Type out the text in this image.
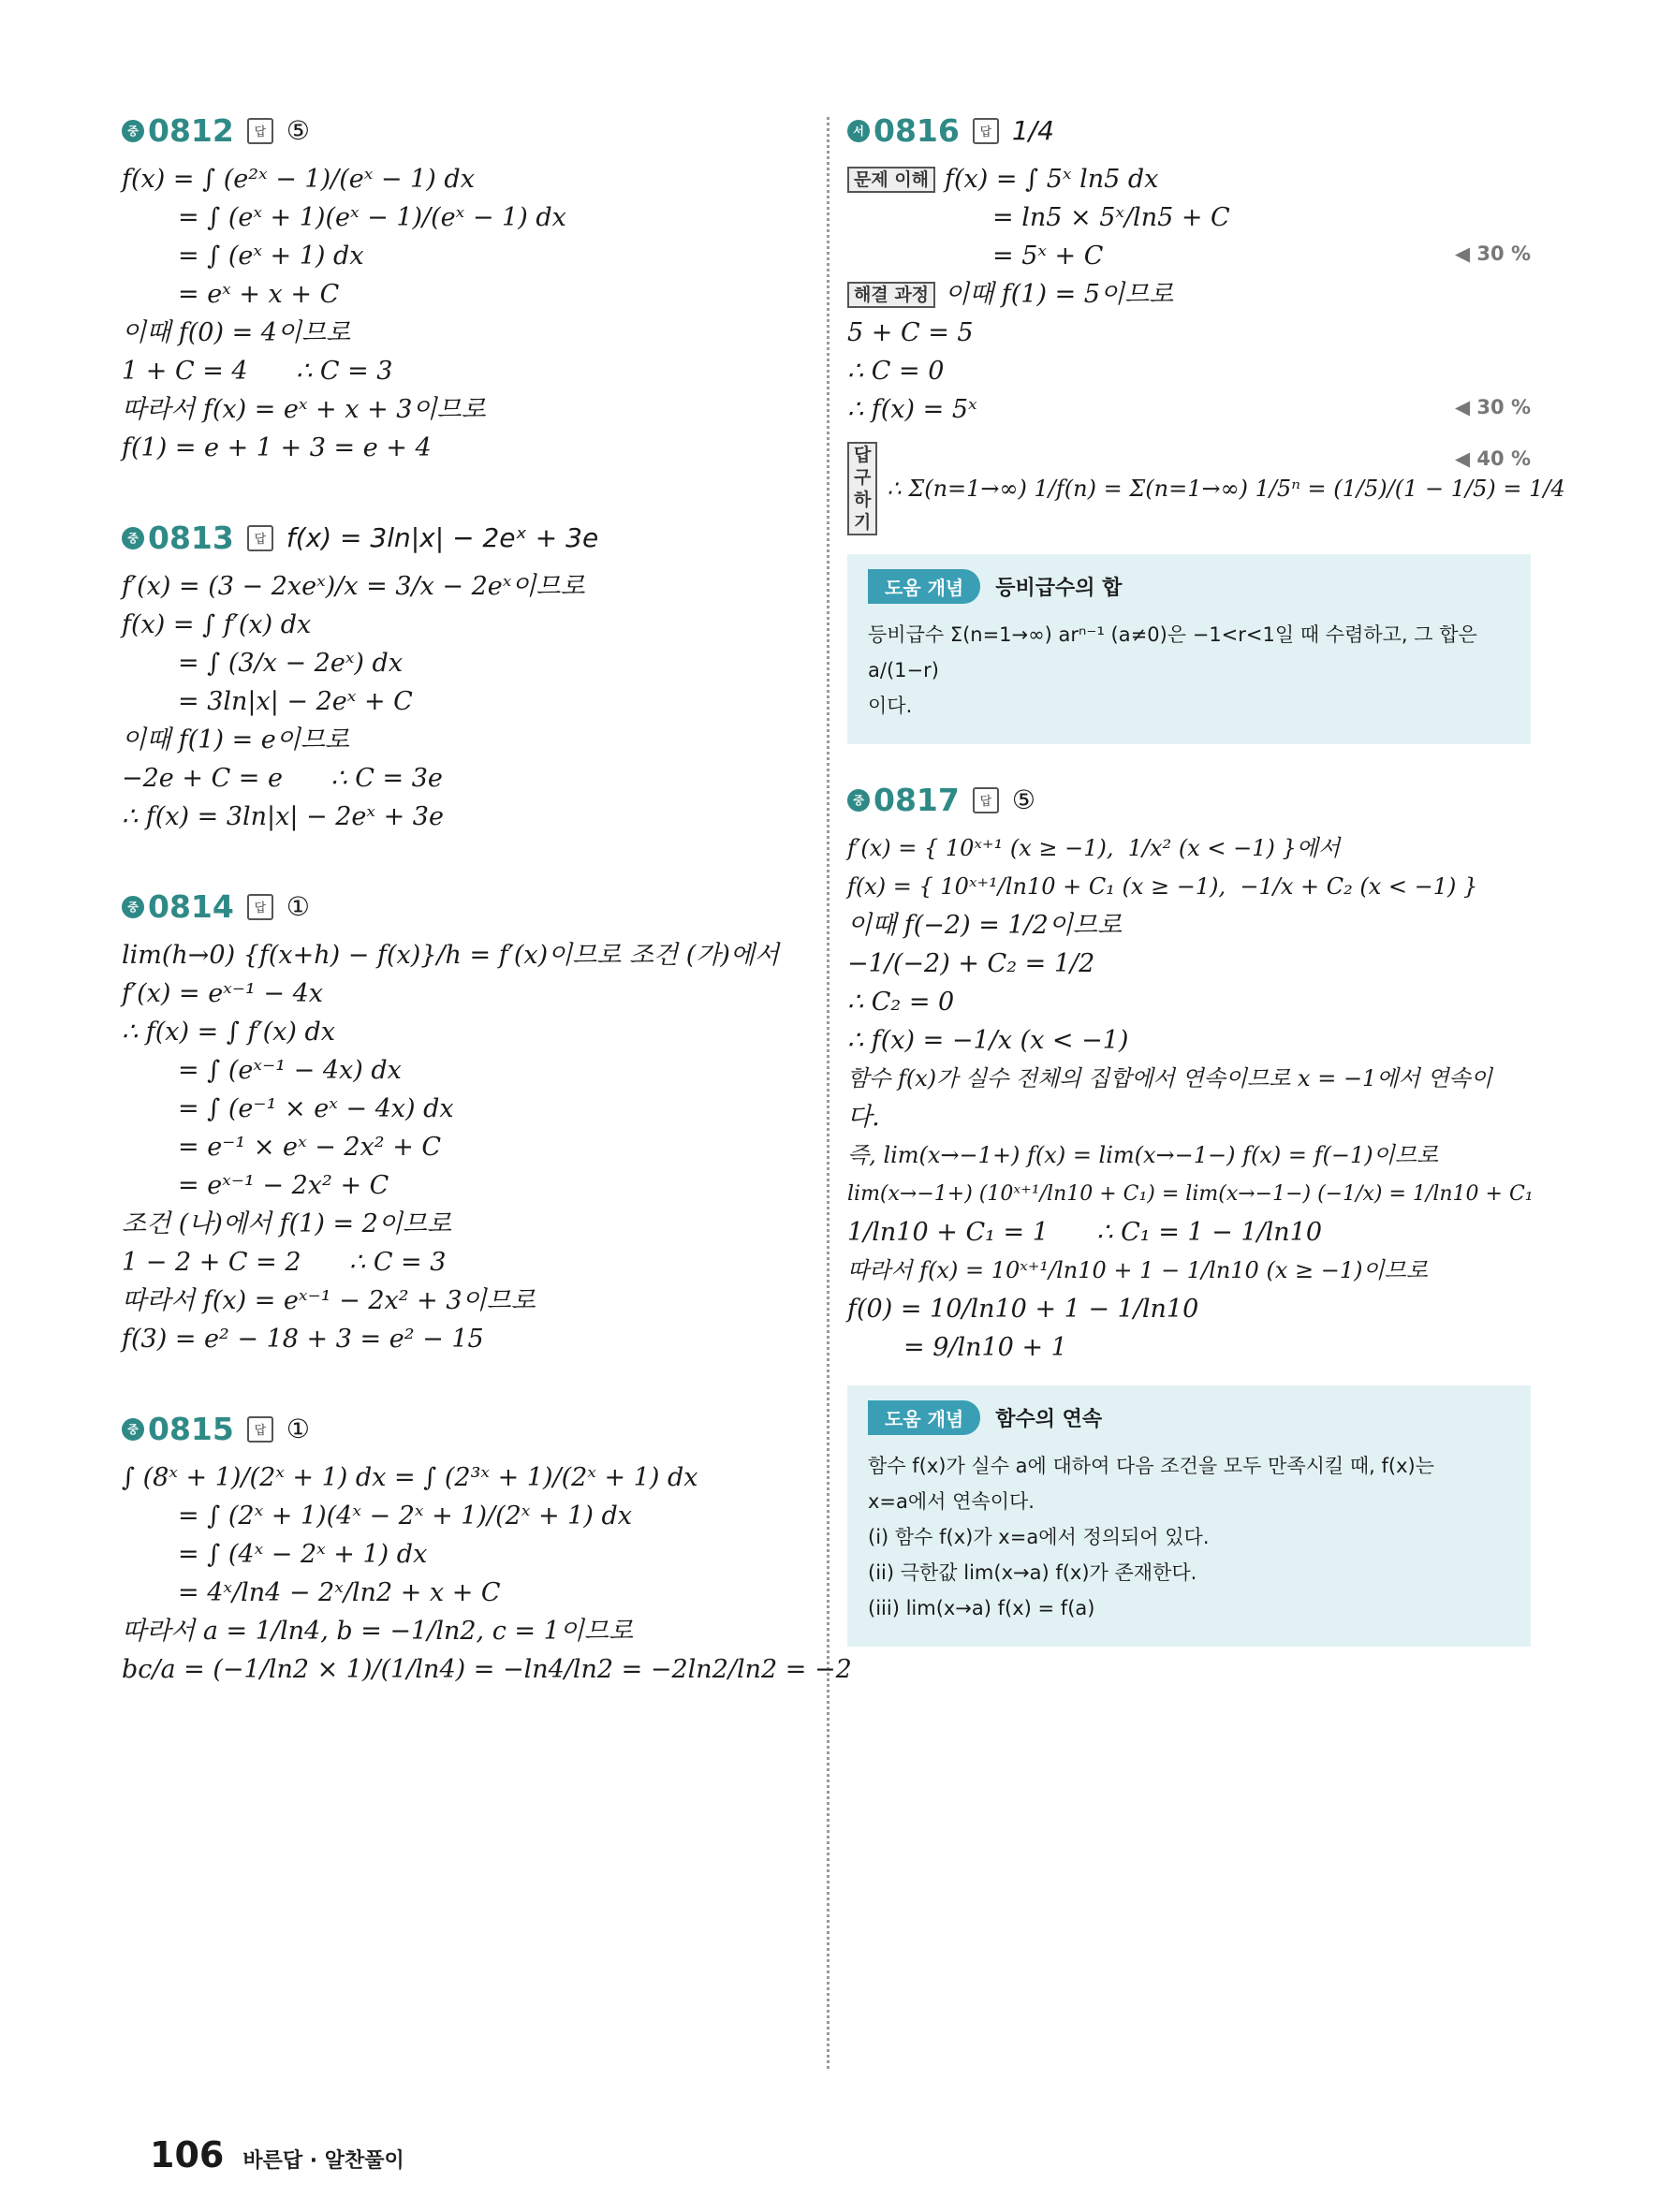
중 0812	답 ⑤
f(x) = ∫ (e²ˣ − 1)/(eˣ − 1) dx
= ∫ (eˣ + 1)(eˣ − 1)/(eˣ − 1) dx
= ∫ (eˣ + 1) dx
= eˣ + x + C
이때 f(0) = 4이므로
1 + C = 4      ∴ C = 3
따라서 f(x) = eˣ + x + 3이므로
f(1) = e + 1 + 3 = e + 4
중 0813	답 f(x) = 3ln|x| − 2eˣ + 3e
f′(x) = (3 − 2xeˣ)/x = 3/x − 2eˣ이므로
f(x) = ∫ f′(x) dx
= ∫ (3/x − 2eˣ) dx
= 3ln|x| − 2eˣ + C
이때 f(1) = e이므로
−2e + C = e      ∴ C = 3e
∴ f(x) = 3ln|x| − 2eˣ + 3e
중 0814	답 ①
lim(h→0) {f(x+h) − f(x)}/h = f′(x)이므로 조건 (가)에서
f′(x) = eˣ⁻¹ − 4x
∴ f(x) = ∫ f′(x) dx
= ∫ (eˣ⁻¹ − 4x) dx
= ∫ (e⁻¹ × eˣ − 4x) dx
= e⁻¹ × eˣ − 2x² + C
= eˣ⁻¹ − 2x² + C
조건 (나)에서 f(1) = 2이므로
1 − 2 + C = 2      ∴ C = 3
따라서 f(x) = eˣ⁻¹ − 2x² + 3이므로
f(3) = e² − 18 + 3 = e² − 15
중 0815	답 ①
∫ (8ˣ + 1)/(2ˣ + 1) dx = ∫ (2³ˣ + 1)/(2ˣ + 1) dx
= ∫ (2ˣ + 1)(4ˣ − 2ˣ + 1)/(2ˣ + 1) dx
= ∫ (4ˣ − 2ˣ + 1) dx
= 4ˣ/ln4 − 2ˣ/ln2 + x + C
따라서 a = 1/ln4, b = −1/ln2, c = 1이므로
bc/a = (−1/ln2 × 1)/(1/ln4) = −ln4/ln2 = −2ln2/ln2 = −2
서 0816	답 1/4
문제 이해 f(x) = ∫ 5ˣ ln5 dx
= ln5 × 5ˣ/ln5 + C
= 5ˣ + C	◀ 30 %
해결 과정 이때 f(1) = 5이므로
5 + C = 5
∴ C = 0
∴ f(x) = 5ˣ	◀ 30 %
답 구하기
∴ Σ(n=1→∞) 1/f(n) = Σ(n=1→∞) 1/5ⁿ = (1/5)/(1 − 1/5) = 1/4
◀ 40 %
도움 개념	등비급수의 합
등비급수 Σ(n=1→∞) arⁿ⁻¹ (a≠0)은 −1<r<1일 때 수렴하고, 그 합은 a/(1−r)
이다.
중 0817	답 ⑤
f′(x) = { 10ˣ⁺¹ (x ≥ −1),  1/x² (x < −1) }에서
f(x) = { 10ˣ⁺¹/ln10 + C₁ (x ≥ −1),  −1/x + C₂ (x < −1) }
이때 f(−2) = 1/2이므로
−1/(−2) + C₂ = 1/2
∴ C₂ = 0
∴ f(x) = −1/x (x < −1)
함수 f(x)가 실수 전체의 집합에서 연속이므로 x = −1에서 연속이
다.
즉, lim(x→−1+) f(x) = lim(x→−1−) f(x) = f(−1)이므로
lim(x→−1+) (10ˣ⁺¹/ln10 + C₁) = lim(x→−1−) (−1/x) = 1/ln10 + C₁
1/ln10 + C₁ = 1      ∴ C₁ = 1 − 1/ln10
따라서 f(x) = 10ˣ⁺¹/ln10 + 1 − 1/ln10 (x ≥ −1)이므로
f(0) = 10/ln10 + 1 − 1/ln10
= 9/ln10 + 1
도움 개념	함수의 연속
함수 f(x)가 실수 a에 대하여 다음 조건을 모두 만족시킬 때, f(x)는
x=a에서 연속이다.
(i) 함수 f(x)가 x=a에서 정의되어 있다.
(ii) 극한값 lim(x→a) f(x)가 존재한다.
(iii) lim(x→a) f(x) = f(a)
106 바른답 · 알찬풀이
